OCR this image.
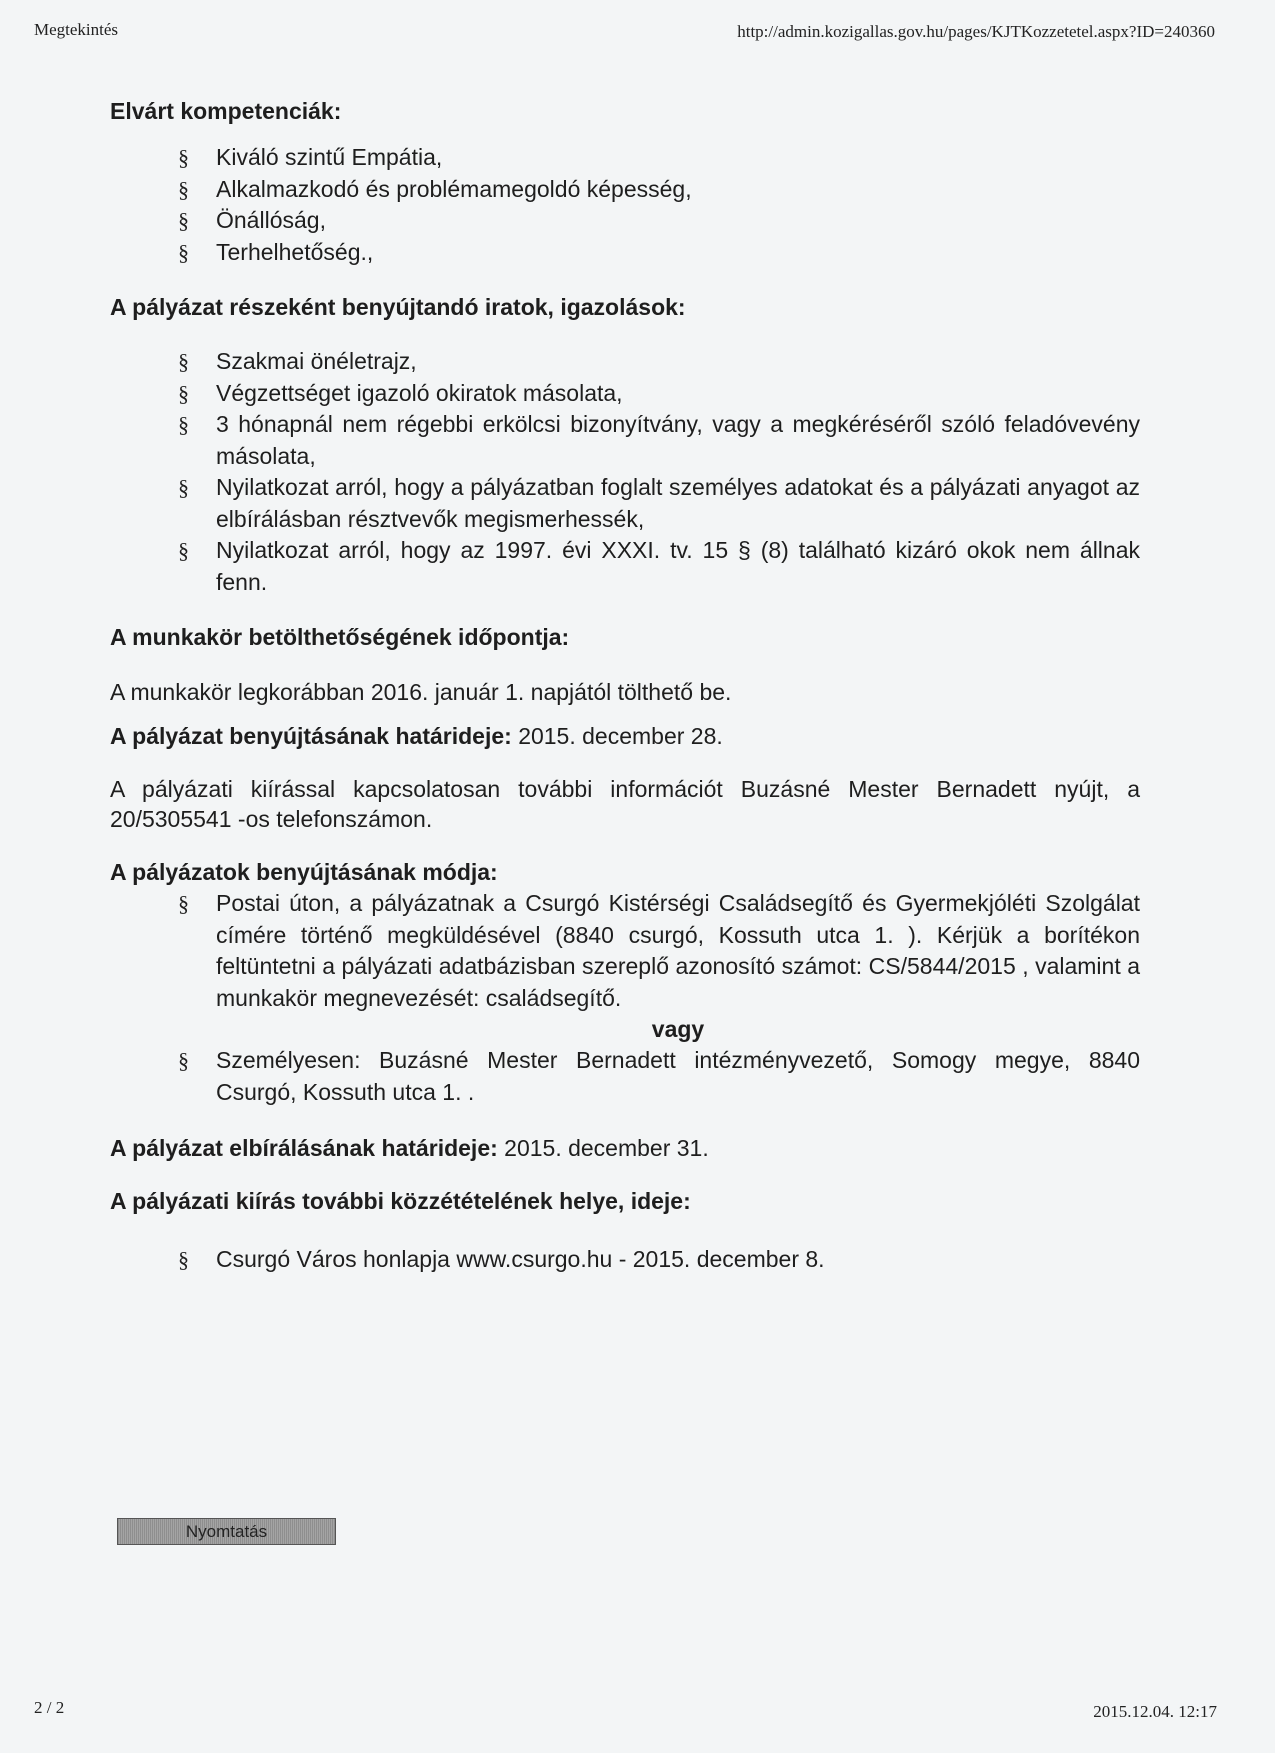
Megtekintés	http://admin.kozigallas.gov.hu/pages/KJTKozzetetel.aspx?ID=240360

Elvárt kompetenciák:

§ Kiváló szintű Empátia,
§ Alkalmazkodó és problémamegoldó képesség,
§ Önállóság,
§ Terhelhetőség.,

A pályázat részeként benyújtandó iratok, igazolások:

§ Szakmai önéletrajz,
§ Végzettséget igazoló okiratok másolata,
§ 3 hónapnál nem régebbi erkölcsi bizonyítvány, vagy a megkéréséről szóló feladóvevény másolata,
§ Nyilatkozat arról, hogy a pályázatban foglalt személyes adatokat és a pályázati anyagot az elbírálásban résztvevők megismerhessék,
§ Nyilatkozat arról, hogy az 1997. évi XXXI. tv. 15 § (8) található kizáró okok nem állnak fenn.

A munkakör betölthetőségének időpontja:

A munkakör legkorábban 2016. január 1. napjától tölthető be.

A pályázat benyújtásának határideje: 2015. december 28.

A pályázati kiírással kapcsolatosan további információt Buzásné Mester Bernadett nyújt, a 20/5305541 -os telefonszámon.

A pályázatok benyújtásának módja:

§ Postai úton, a pályázatnak a Csurgó Kistérségi Családsegítő és Gyermekjóléti Szolgálat címére történő megküldésével (8840 csurgó, Kossuth utca 1. ). Kérjük a borítékon feltüntetni a pályázati adatbázisban szereplő azonosító számot: CS/5844/2015 , valamint a munkakör megnevezését: családsegítő.
vagy
§ Személyesen: Buzásné Mester Bernadett intézményvezető, Somogy megye, 8840 Csurgó, Kossuth utca 1. .

A pályázat elbírálásának határideje: 2015. december 31.

A pályázati kiírás további közzétételének helye, ideje:

§ Csurgó Város honlapja www.csurgo.hu - 2015. december 8.
Nyomtatás
2 / 2	2015.12.04. 12:17
